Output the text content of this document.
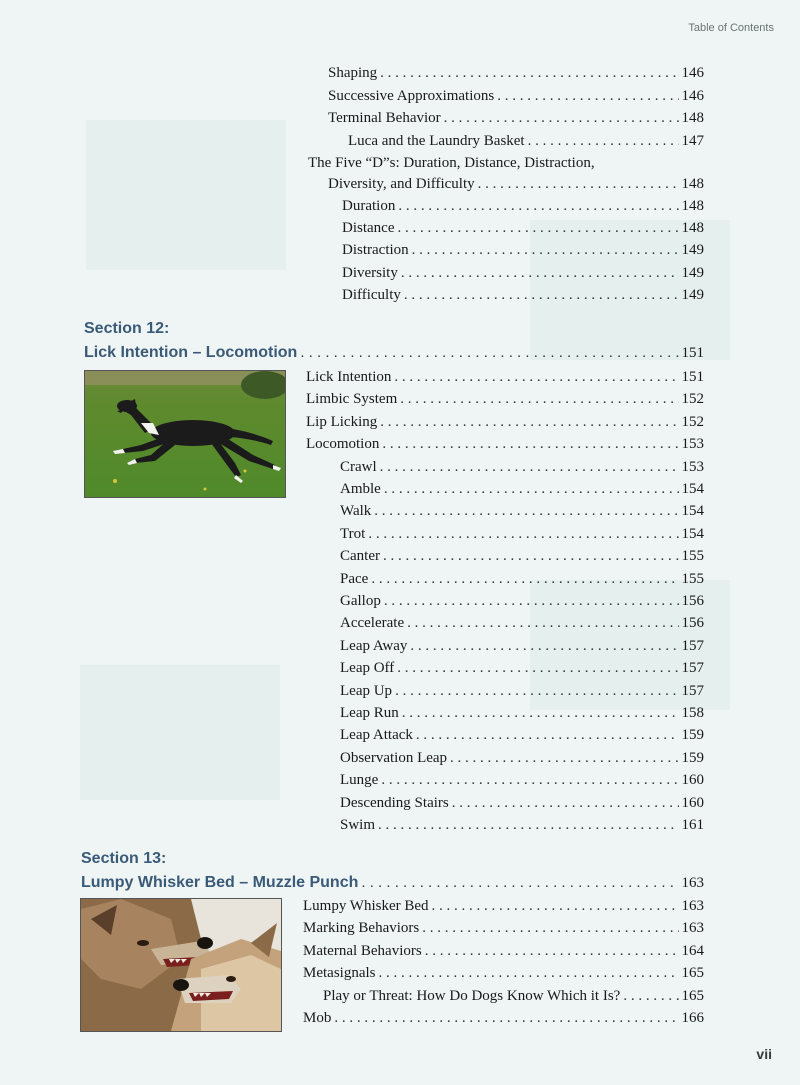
Table of Contents
Shaping . . .	146
Successive Approximations . . .	146
Terminal Behavior . . .	148
Luca and the Laundry Basket . . .	147
The Five “D”s: Duration, Distance, Distraction,
Diversity, and Difficulty . . .	148
Duration . . .	148
Distance . . .	148
Distraction . . .	149
Diversity . . .	149
Difficulty . . .	149
Section 12:
Lick Intention – Locomotion . . .	151
Lick Intention . . .	151
Limbic System . . .	152
Lip Licking . . .	152
Locomotion . . .	153
Crawl . . .	153
Amble . . .	154
Walk . . .	154
Trot . . .	154
Canter . . .	155
Pace . . .	155
Gallop . . .	156
Accelerate . . .	156
Leap Away . . .	157
Leap Off . . .	157
Leap Up . . .	157
Leap Run . . .	158
Leap Attack . . .	159
Observation Leap . . .	159
Lunge . . .	160
Descending Stairs . . .	160
Swim . . .	161
Section 13:
Lumpy Whisker Bed – Muzzle Punch . . .	163
Lumpy Whisker Bed . . .	163
Marking Behaviors . . .	163
Maternal Behaviors . . .	164
Metasignals . . .	165
Play or Threat: How Do Dogs Know Which it Is? . . .	165
Mob . . .	166
vii
